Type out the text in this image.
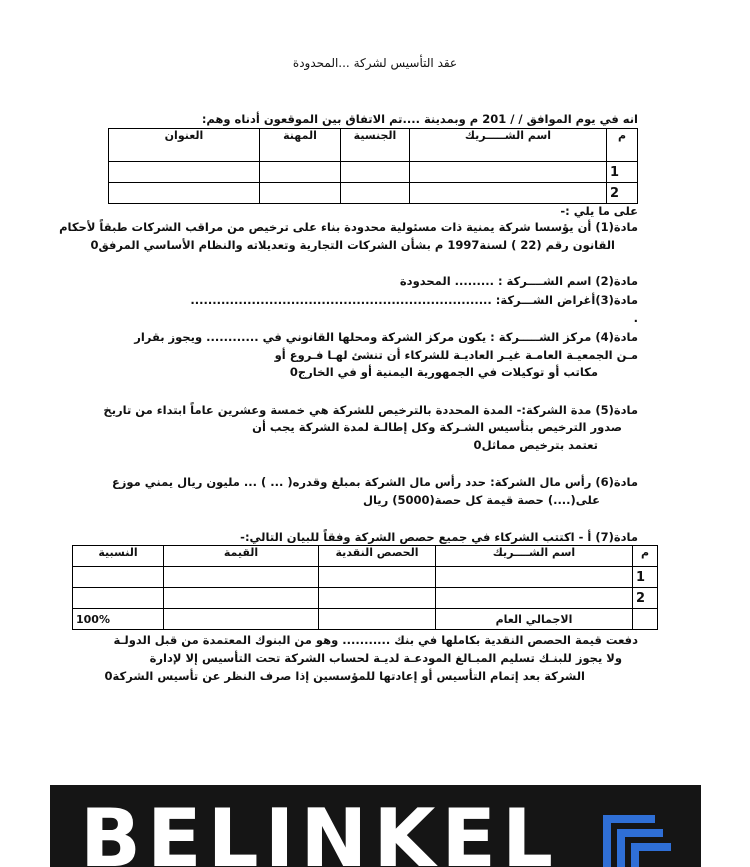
عقد التأسيس لشركة ...المحدودة
انه في يوم الموافق / / 201 م وبمدينة ....تم الاتفاق بين الموقعون أدناه وهم:
م	اسم الشـــــريك	الجنسية	المهنة	العنوان
1				
2				
على ما يلي :-
مادة(1) أن يؤسسا شركة يمنية ذات مسئولية محدودة بناء على ترخيص من مراقب الشركات طبقاً لأحكام
القانون رقم (22 ) لسنة1997 م بشأن الشركات التجارية وتعديلاته والنظام الأساسي المرفق0
مادة(2) اسم الشــــركة : ......... المحدودة
مادة(3)أغراض الشـــركة: .....................................................................
.
مادة(4) مركز الشـــــركة : يكون مركز الشركة ومحلها القانوني في ............ ويجوز بقرار
مـن الجمعيـة العامـة غيـر العاديـة للشركاء أن تنشئ لهـا فـروع أو
مكاتب أو توكيلات في الجمهورية اليمنية أو في الخارج0
مادة(5) مدة الشركة:- المدة المحددة بالترخيص للشركة هي خمسة وعشرين عاماً ابتداء من تاريخ
صدور الترخيص بتأسيس الشـركة وكل إطالـة لمدة الشركة يجب أن
تعتمد بترخيص مماثل0
مادة(6) رأس مال الشركة: حدد رأس مال الشركة بمبلغ وقدره( ... ) ... مليون ريال يمني موزع
على(....) حصة قيمة كل حصة(5000) ريال
مادة(7) أ - اكتتب الشركاء في جميع حصص الشركة وفقاً للبيان التالي:-
م	اسم الشــــريك	الحصص النقدية	القيمة	النسبية
1				
2				
	الاجمالي العام			100%
دفعت قيمة الحصص النقدية بكاملها في بنك ........... وهو من البنوك المعتمدة من قبل الدولـة
ولا يجوز للبنـك تسليم المبـالغ المودعـة لديـة لحساب الشركة تحت التأسيس إلا لإدارة
الشركة بعد إتمام التأسيس أو إعادتها للمؤسسين إذا صرف النظر عن تأسيس الشركة0
BELINKEL
